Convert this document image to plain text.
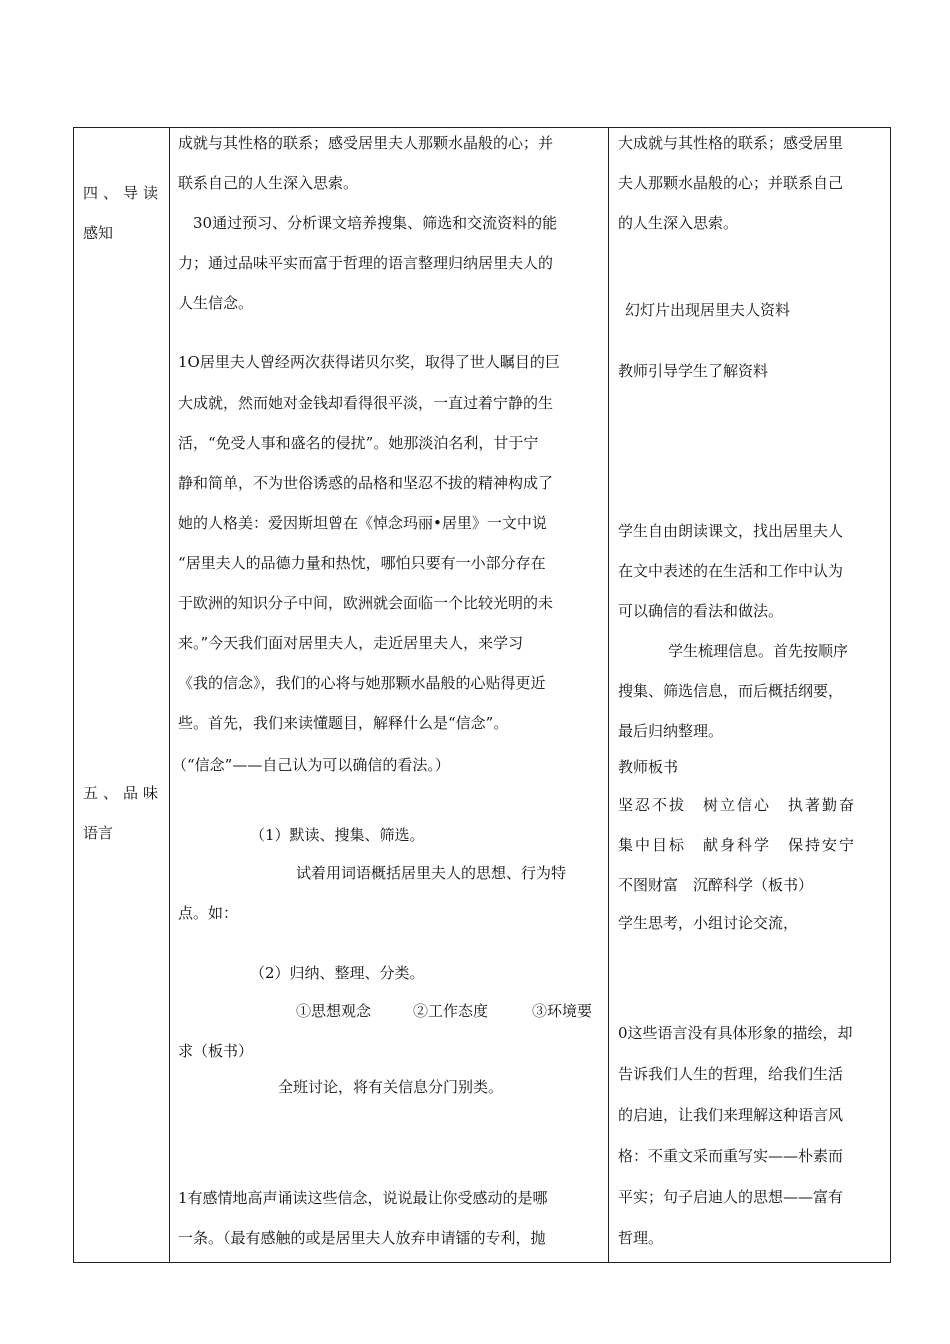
四、导读
感知
五、品味
语言
成就与其性格的联系；感受居里夫人那颗水晶般的心；并
联系自己的人生深入思索。
30通过预习、分析课文培养搜集、筛选和交流资料的能
力；通过品味平实而富于哲理的语言整理归纳居里夫人的
人生信念。
1O居里夫人曾经两次获得诺贝尔奖，取得了世人瞩目的巨
大成就，然而她对金钱却看得很平淡，一直过着宁静的生
活，“免受人事和盛名的侵扰”。她那淡泊名利，甘于宁
静和简单，不为世俗诱惑的品格和坚忍不拔的精神构成了
她的人格美：爱因斯坦曾在《悼念玛丽•居里》一文中说
“居里夫人的品德力量和热忱，哪怕只要有一小部分存在
于欧洲的知识分子中间，欧洲就会面临一个比较光明的未
来。”今天我们面对居里夫人，走近居里夫人，来学习
《我的信念》，我们的心将与她那颗水晶般的心贴得更近
些。首先，我们来读懂题目，解释什么是“信念”。
（“信念”——自己认为可以确信的看法。）
（1）默读、搜集、筛选。
试着用词语概括居里夫人的思想、行为特
点。如：
（2）归纳、整理、分类。
①思想观念	②工作态度	③环境要
求（板书）
全班讨论，将有关信息分门别类。
1有感情地高声诵读这些信念，说说最让你受感动的是哪
一条。（最有感触的或是居里夫人放弃申请镭的专利，抛
大成就与其性格的联系；感受居里
夫人那颗水晶般的心；并联系自己
的人生深入思索。
幻灯片出现居里夫人资料
教师引导学生了解资料
学生自由朗读课文，找出居里夫人
在文中表述的在生活和工作中认为
可以确信的看法和做法。
学生梳理信息。首先按顺序
搜集、筛选信息，而后概括纲要，
最后归纳整理。
教师板书
坚忍不拔　树立信心　执著勤奋
集中目标　献身科学　保持安宁
不图财富　沉醉科学（板书）
学生思考，小组讨论交流，
0这些语言没有具体形象的描绘，却
告诉我们人生的哲理，给我们生活
的启迪，让我们来理解这种语言风
格：不重文采而重写实——朴素而
平实；句子启迪人的思想——富有
哲理。
